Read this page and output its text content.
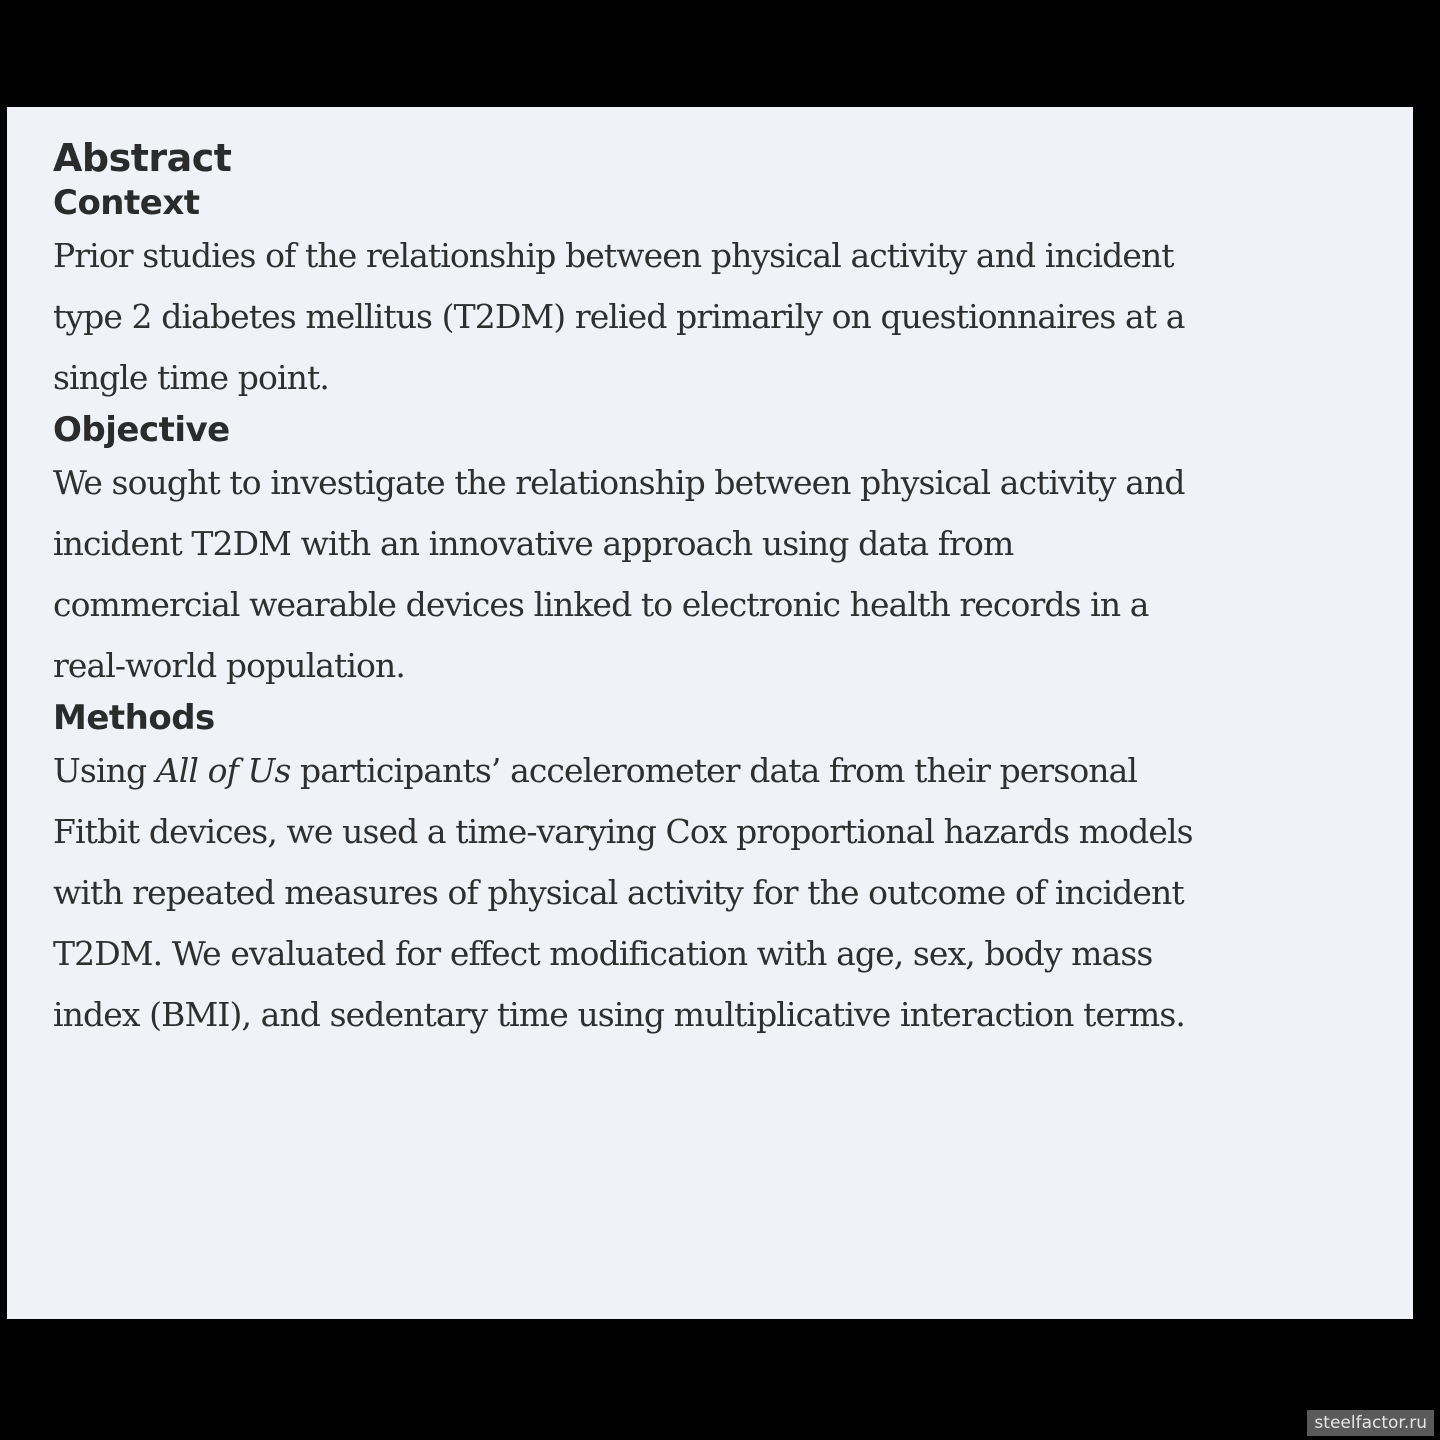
Abstract
Context

Prior studies of the relationship between physical activity and incident
type 2 diabetes mellitus (T2DM) relied primarily on questionnaires at a
single time point.

Objective

We sought to investigate the relationship between physical activity and
incident T2DM with an innovative approach using data from
commercial wearable devices linked to electronic health records in a
real-world population.

Methods

Using All of Us participants’ accelerometer data from their personal
Fitbit devices, we used a time-varying Cox proportional hazards models
with repeated measures of physical activity for the outcome of incident
T2DM. We evaluated for effect modification with age, sex, body mass
index (BMI), and sedentary time using multiplicative interaction terms.

steelfactor.ru
